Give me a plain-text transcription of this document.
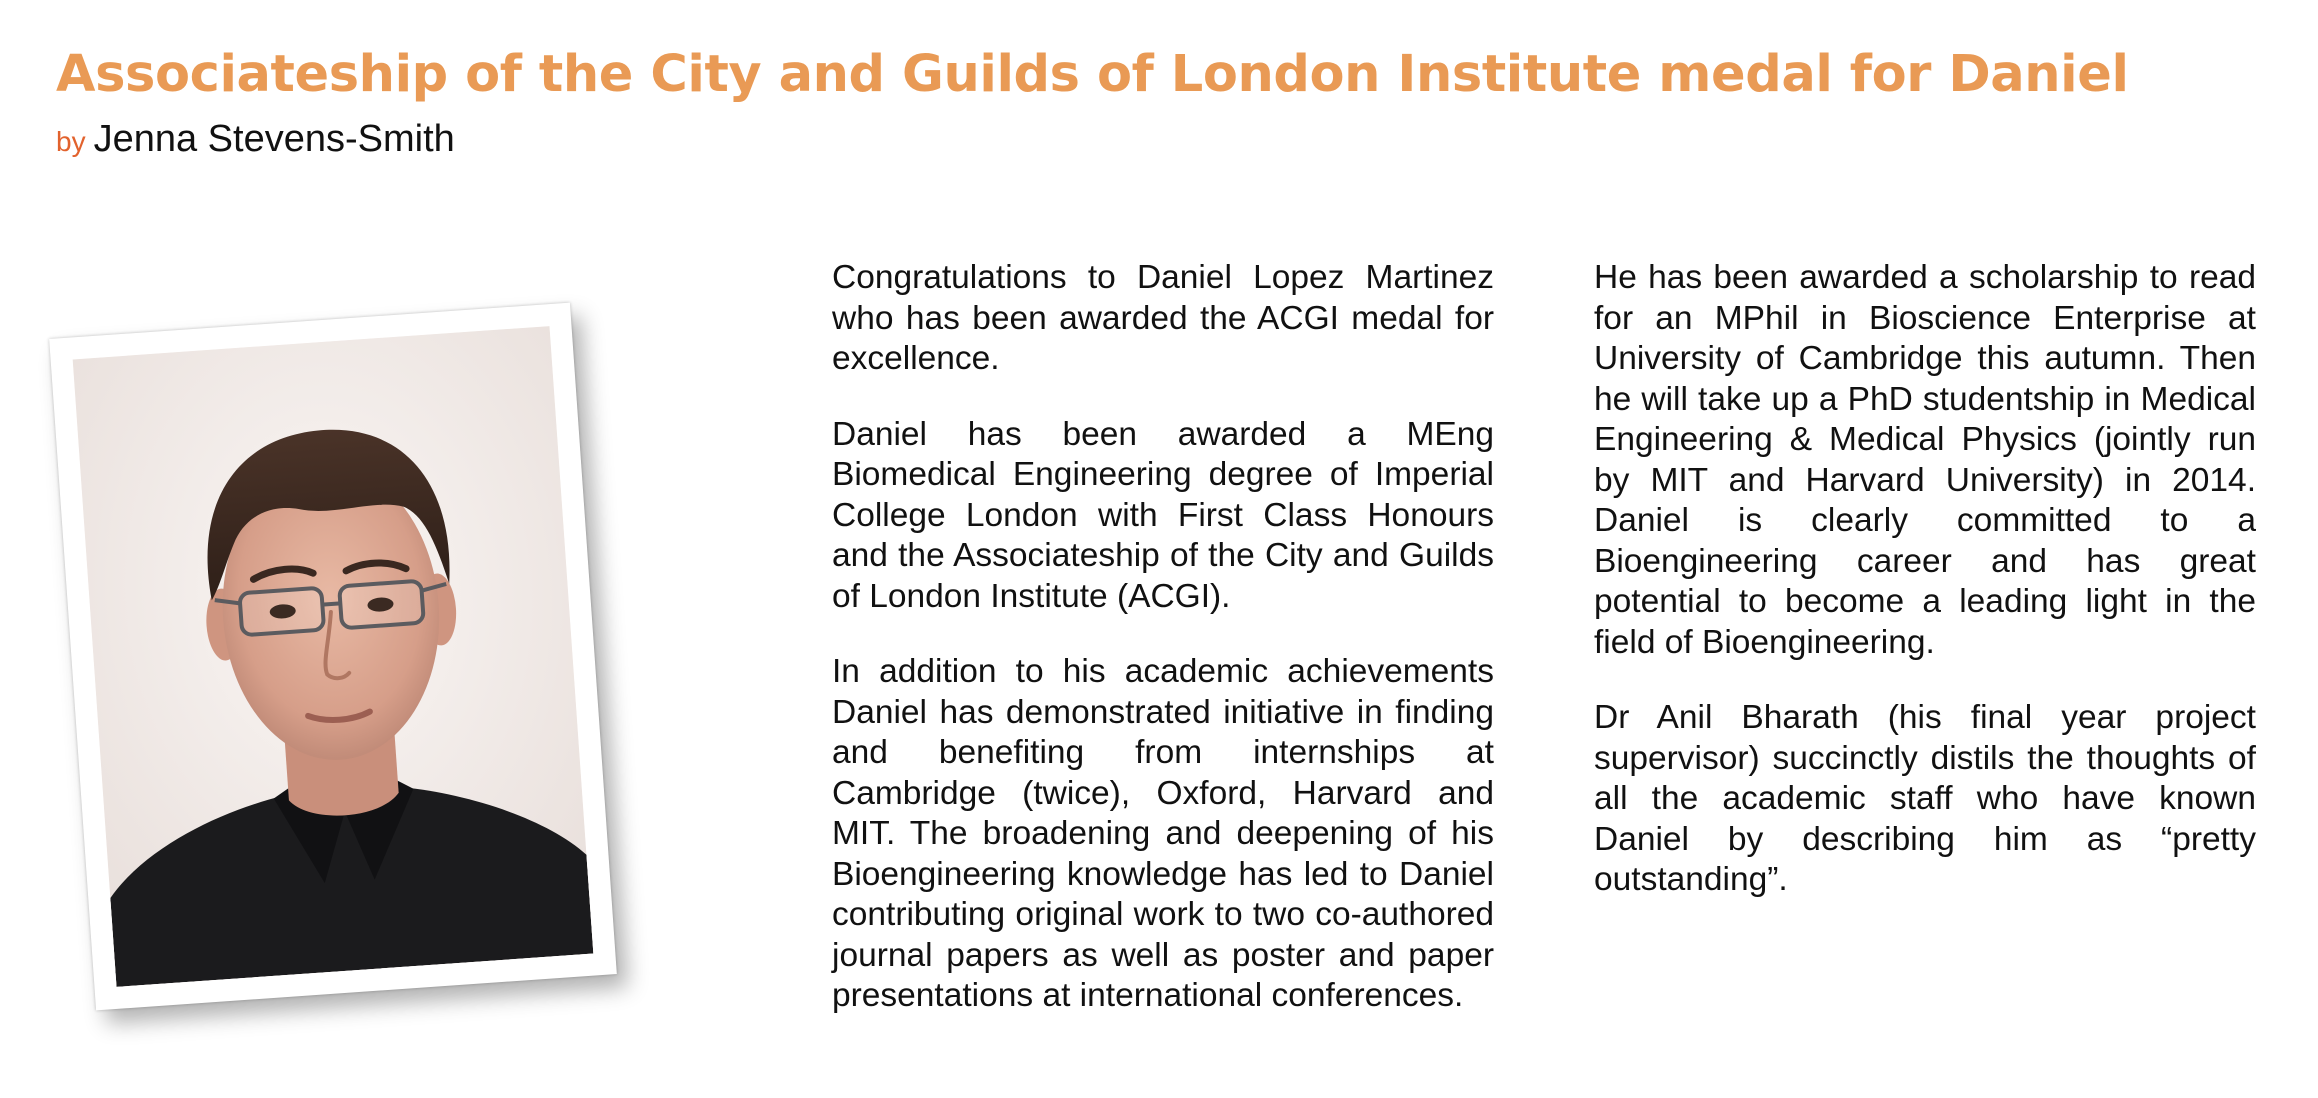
Associateship of the City and Guilds of London Institute medal for Daniel
by Jenna Stevens-Smith

Congratulations to Daniel Lopez Martinez who has been awarded the ACGI medal for excellence.

Daniel has been awarded a MEng Biomedical Engineering degree of Imperial College London with First Class Honours and the Associateship of the City and Guilds of London Institute (ACGI).

In addition to his academic achievements Daniel has demonstrated initiative in finding and benefiting from internships at Cambridge (twice), Oxford, Harvard and MIT. The broadening and deepening of his Bioengineering knowledge has led to Daniel contributing original work to two co-authored journal papers as well as poster and paper presentations at international conferences.

He has been awarded a scholarship to read for an MPhil in Bioscience Enterprise at University of Cambridge this autumn. Then he will take up a PhD studentship in Medical Engineering & Medical Physics (jointly run by MIT and Harvard University) in 2014. Daniel is clearly committed to a Bioengineering career and has great potential to become a leading light in the field of Bioengineering.

Dr Anil Bharath (his final year project supervisor) succinctly distils the thoughts of all the academic staff who have known Daniel by describing him as “pretty outstanding”.
